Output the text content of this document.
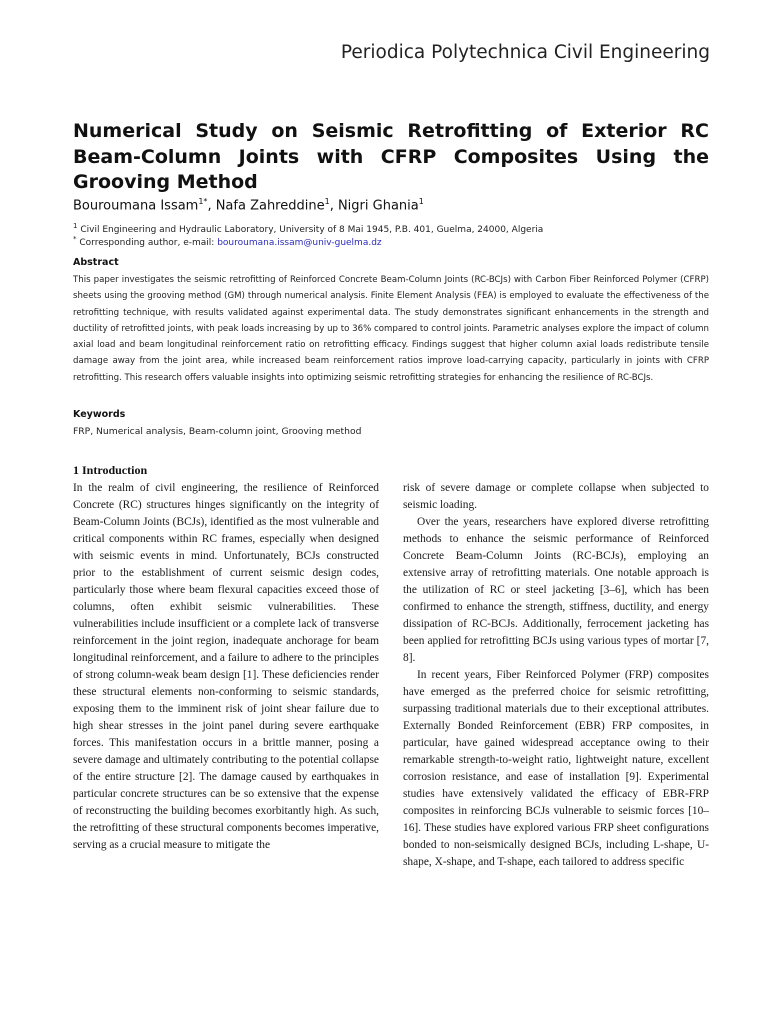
Periodica Polytechnica Civil Engineering
Numerical Study on Seismic Retrofitting of Exterior RC Beam-Column Joints with CFRP Composites Using the Grooving Method
Bouroumana Issam$^{1*}$, Nafa Zahreddine$^1$, Nigri Ghania$^1$
$^1$ Civil Engineering and Hydraulic Laboratory, University of 8 Mai 1945, P.B. 401, Guelma, 24000, Algeria
* Corresponding author, e-mail: bouroumana.issam@univ-guelma.dz
Abstract

This paper investigates the seismic retrofitting of Reinforced Concrete Beam-Column Joints (RC-BCJs) with Carbon Fiber Reinforced Polymer (CFRP) sheets using the grooving method (GM) through numerical analysis. Finite Element Analysis (FEA) is employed to evaluate the effectiveness of the retrofitting technique, with results validated against experimental data. The study demonstrates significant enhancements in the strength and ductility of retrofitted joints, with peak loads increasing by up to 36% compared to control joints. Parametric analyses explore the impact of column axial load and beam longitudinal reinforcement ratio on retrofitting efficacy. Findings suggest that higher column axial loads redistribute tensile damage away from the joint area, while increased beam reinforcement ratios improve load-carrying capacity, particularly in joints with CFRP retrofitting. This research offers valuable insights into optimizing seismic retrofitting strategies for enhancing the resilience of RC-BCJs.

Keywords
FRP, Numerical analysis, Beam-column joint, Grooving method
1 Introduction

In the realm of civil engineering, the resilience of Reinforced Concrete (RC) structures hinges significantly on the integrity of Beam-Column Joints (BCJs), identified as the most vulnerable and critical components within RC frames, especially when designed with seismic events in mind. Unfortunately, BCJs constructed prior to the establishment of current seismic design codes, particularly those where beam flexural capacities exceed those of columns, often exhibit seismic vulnerabilities. These vulnerabilities include insufficient or a complete lack of transverse reinforcement in the joint region, inadequate anchorage for beam longitudinal reinforcement, and a failure to adhere to the principles of strong column-weak beam design [1]. These deficiencies render these structural elements non-conforming to seismic standards, exposing them to the imminent risk of joint shear failure due to high shear stresses in the joint panel during severe earthquake forces. This manifestation occurs in a brittle manner, posing a severe damage and ultimately contributing to the potential collapse of the entire structure [2]. The damage caused by earthquakes in particular concrete structures can be so extensive that the expense of reconstructing the building becomes exorbitantly high. As such, the retrofitting of these structural components becomes imperative, serving as a crucial measure to mitigate the

risk of severe damage or complete collapse when subjected to seismic loading.

Over the years, researchers have explored diverse retrofitting methods to enhance the seismic performance of Reinforced Concrete Beam-Column Joints (RC-BCJs), employing an extensive array of retrofitting materials. One notable approach is the utilization of RC or steel jacketing [3–6], which has been confirmed to enhance the strength, stiffness, ductility, and energy dissipation of RC-BCJs. Additionally, ferrocement jacketing has been applied for retrofitting BCJs using various types of mortar [7, 8].

In recent years, Fiber Reinforced Polymer (FRP) composites have emerged as the preferred choice for seismic retrofitting, surpassing traditional materials due to their exceptional attributes. Externally Bonded Reinforcement (EBR) FRP composites, in particular, have gained widespread acceptance owing to their remarkable strength-to-weight ratio, lightweight nature, excellent corrosion resistance, and ease of installation [9]. Experimental studies have extensively validated the efficacy of EBR-FRP composites in reinforcing BCJs vulnerable to seismic forces [10–16]. These studies have explored various FRP sheet configurations bonded to non-seismically designed BCJs, including L-shape, U-shape, X-shape, and T-shape, each tailored to address specific
